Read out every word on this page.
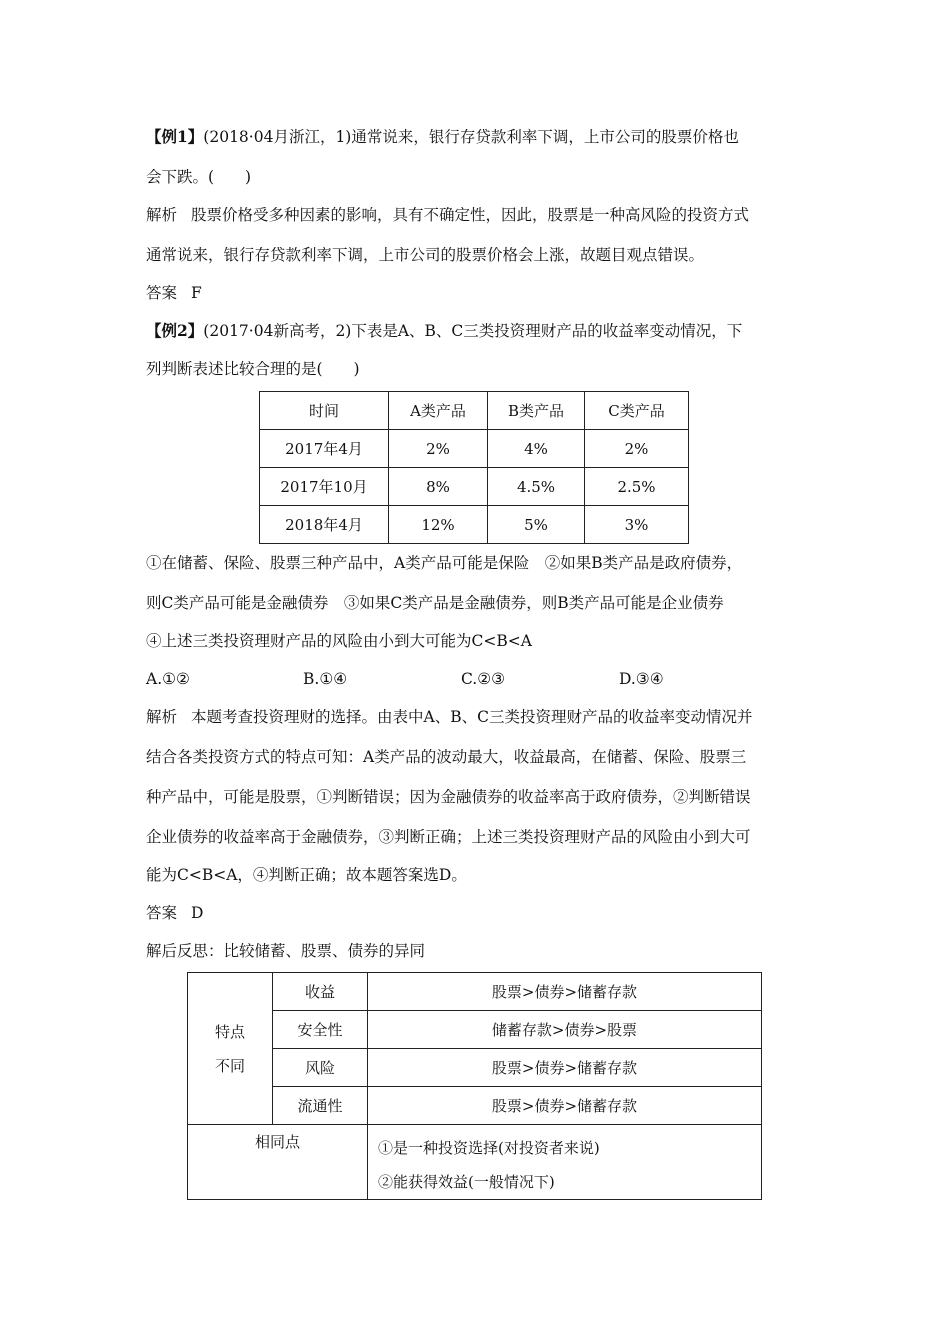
【例1】(2018·04月浙江，1)通常说来，银行存贷款利率下调，上市公司的股票价格也
会下跌。(　　)
解析 股票价格受多种因素的影响，具有不确定性，因此，股票是一种高风险的投资方式
通常说来，银行存贷款利率下调，上市公司的股票价格会上涨，故题目观点错误。
答案 F
【例2】(2017·04新高考，2)下表是A、B、C三类投资理财产品的收益率变动情况，下
列判断表述比较合理的是(　　)
时间	A类产品	B类产品	C类产品
2017年4月	2%	4%	2%
2017年10月	8%	4.5%	2.5%
2018年4月	12%	5%	3%
①在储蓄、保险、股票三种产品中，A类产品可能是保险　②如果B类产品是政府债券，
则C类产品可能是金融债券　③如果C类产品是金融债券，则B类产品可能是企业债券
④上述三类投资理财产品的风险由小到大可能为C<B<A
A.①②	B.①④	C.②③	D.③④
解析 本题考查投资理财的选择。由表中A、B、C三类投资理财产品的收益率变动情况并
结合各类投资方式的特点可知：A类产品的波动最大，收益最高，在储蓄、保险、股票三
种产品中，可能是股票，①判断错误；因为金融债券的收益率高于政府债券，②判断错误
企业债券的收益率高于金融债券，③判断正确；上述三类投资理财产品的风险由小到大可
能为C<B<A，④判断正确；故本题答案选D。
答案 D
解后反思：比较储蓄、股票、债券的异同
特点
不同	收益	股票>债券>储蓄存款
	安全性	储蓄存款>债券>股票
	风险	股票>债券>储蓄存款
	流通性	股票>债券>储蓄存款
相同点		①是一种投资选择(对投资者来说)
②能获得效益(一般情况下)
